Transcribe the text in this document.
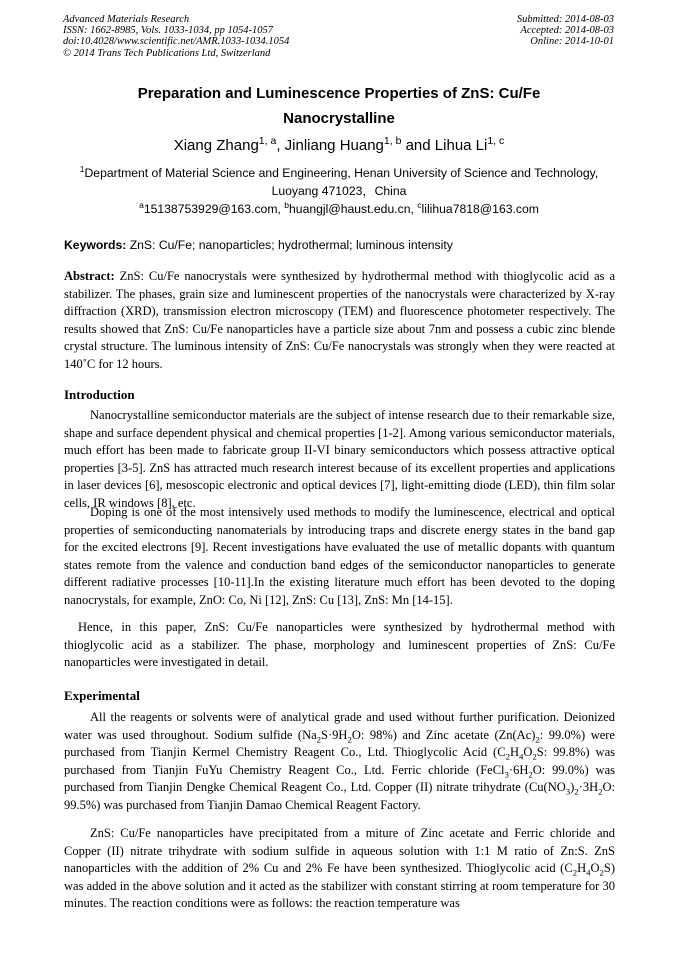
Advanced Materials Research
ISSN: 1662-8985, Vols. 1033-1034, pp 1054-1057
doi:10.4028/www.scientific.net/AMR.1033-1034.1054
© 2014 Trans Tech Publications Ltd, Switzerland
Submitted: 2014-08-03
Accepted: 2014-08-03
Online: 2014-10-01
Preparation and Luminescence Properties of ZnS: Cu/Fe
Nanocrystalline
Xiang Zhang$^{1, a}$, Jinliang Huang$^{1, b}$ and Lihua Li$^{1, c}$
$^1$Department of Material Science and Engineering, Henan University of Science and Technology,
Luoyang 471023，China
$^a$15138753929@163.com, $^b$huangjl@haust.edu.cn, $^c$lilihua7818@163.com
Keywords: ZnS: Cu/Fe; nanoparticles; hydrothermal; luminous intensity

Abstract: ZnS: Cu/Fe nanocrystals were synthesized by hydrothermal method with thioglycolic acid as a stabilizer. The phases, grain size and luminescent properties of the nanocrystals were characterized by X-ray diffraction (XRD), transmission electron microscopy (TEM) and fluorescence photometer respectively. The results showed that ZnS: Cu/Fe nanoparticles have a particle size about 7nm and possess a cubic zinc blende crystal structure. The luminous intensity of ZnS: Cu/Fe nanocrystals was strongly when they were reacted at 140˚C for 12 hours.

Introduction

Nanocrystalline semiconductor materials are the subject of intense research due to their remarkable size, shape and surface dependent physical and chemical properties [1-2]. Among various semiconductor materials, much effort has been made to fabricate group II-VI binary semiconductors which possess attractive optical properties [3-5]. ZnS has attracted much research interest because of its excellent properties and applications in laser devices [6], mesoscopic electronic and optical devices [7], light-emitting diode (LED), thin film solar cells, IR windows [8], etc.

Doping is one of the most intensively used methods to modify the luminescence, electrical and optical properties of semiconducting nanomaterials by introducing traps and discrete energy states in the band gap for the excited electrons [9]. Recent investigations have evaluated the use of metallic dopants with quantum states remote from the valence and conduction band edges of the semiconductor nanoparticles to generate different radiative processes [10-11].In the existing literature much effort has been devoted to the doping nanocrystals, for example, ZnO: Co, Ni [12], ZnS: Cu [13], ZnS: Mn [14-15].

Hence, in this paper, ZnS: Cu/Fe nanoparticles were synthesized by hydrothermal method with thioglycolic acid as a stabilizer. The phase, morphology and luminescent properties of ZnS: Cu/Fe nanoparticles were investigated in detail.

Experimental

All the reagents or solvents were of analytical grade and used without further purification. Deionized water was used throughout. Sodium sulfide ($Na_2S\cdot 9H_2O$: 98%) and Zinc acetate ($Zn(Ac)_2$: 99.0%) were purchased from Tianjin Kermel Chemistry Reagent Co., Ltd. Thioglycolic Acid ($C_2H_4O_2S$: 99.8%) was purchased from Tianjin FuYu Chemistry Reagent Co., Ltd. Ferric chloride ($FeCl_3\cdot 6H_2O$: 99.0%) was purchased from Tianjin Dengke Chemical Reagent Co., Ltd. Copper (II) nitrate trihydrate ($Cu(NO_3)_2\cdot 3H_2O$: 99.5%) was purchased from Tianjin Damao Chemical Reagent Factory.

ZnS: Cu/Fe nanoparticles have precipitated from a miture of Zinc acetate and Ferric chloride and Copper (II) nitrate trihydrate with sodium sulfide in aqueous solution with 1:1 M ratio of Zn:S. ZnS nanoparticles with the addition of 2% Cu and 2% Fe have been synthesized. Thioglycolic acid $(C_2H_4O_2S)$ was added in the above solution and it acted as the stabilizer with constant stirring at room temperature for 30 minutes. The reaction conditions were as follows: the reaction temperature was
